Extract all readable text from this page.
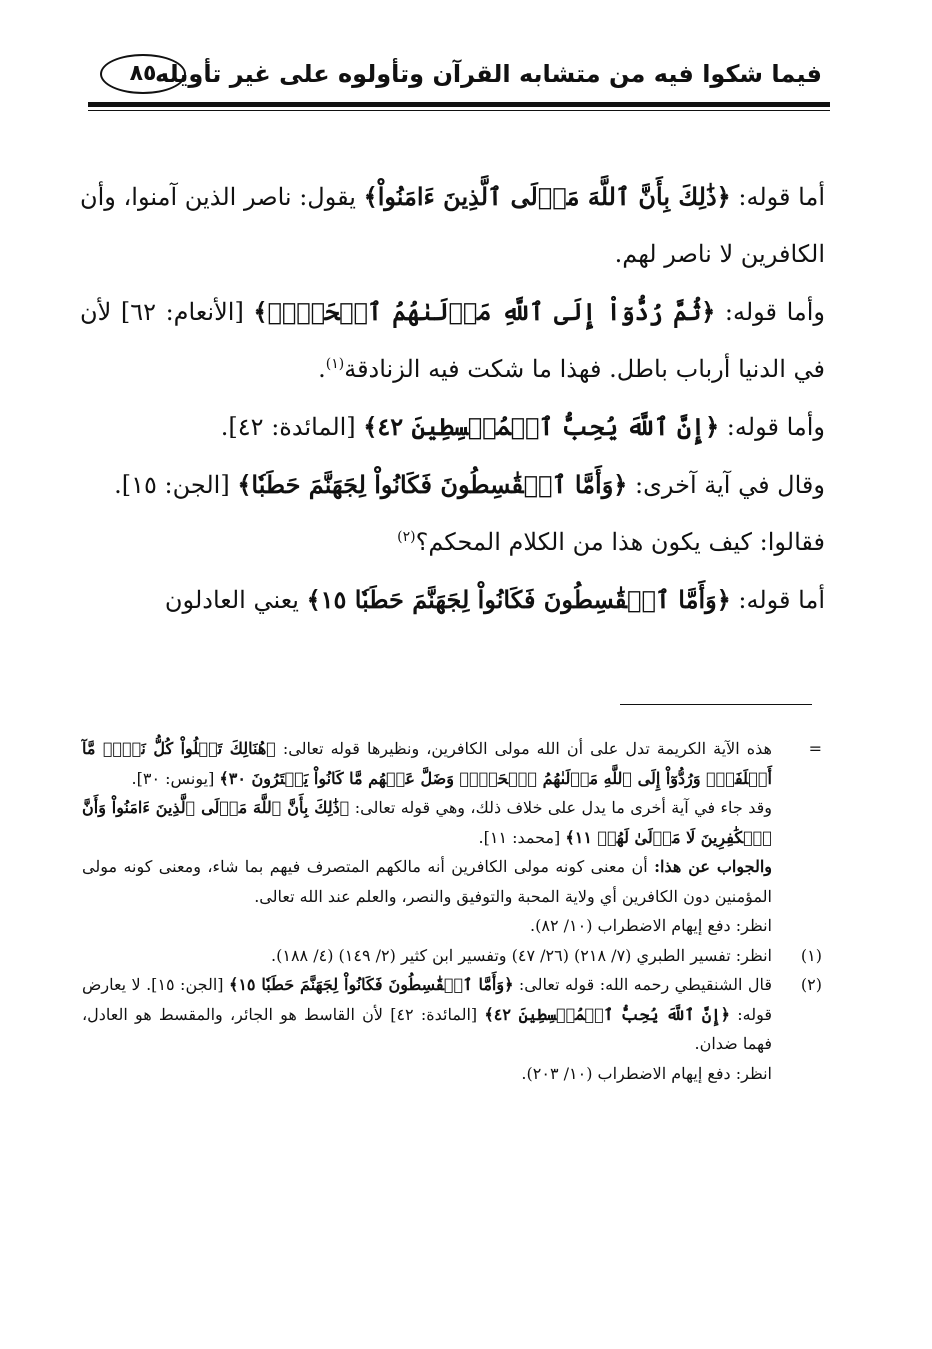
فيما شكوا فيه من متشابه القرآن وتأولوه على غير تأويله
٨٥

أما قوله: ﴿ذَٰلِكَ بِأَنَّ ٱللَّهَ مَوۡلَى ٱلَّذِينَ ءَامَنُواْ﴾ يقول: ناصر الذين آمنوا، وأن الكافرين لا ناصر لهم.

وأما قوله: ﴿ثُمَّ رُدُّوٓاْ إِلَى ٱللَّهِ مَوۡلَىٰهُمُ ٱلۡحَقِّۚ﴾ [الأنعام: ٦٢] لأن في الدنيا أرباب باطل. فهذا ما شكت فيه الزنادقة$^{(١)}$.

وأما قوله: ﴿إِنَّ ٱللَّهَ يُحِبُّ ٱلۡمُقۡسِطِينَ ٤٢﴾ [المائدة: ٤٢].

وقال في آية آخرى: ﴿وَأَمَّا ٱلۡقَٰسِطُونَ فَكَانُواْ لِجَهَنَّمَ حَطَبٗا﴾ [الجن: ١٥].

فقالوا: كيف يكون هذا من الكلام المحكم؟$^{(٢)}$

أما قوله: ﴿وَأَمَّا ٱلۡقَٰسِطُونَ فَكَانُواْ لِجَهَنَّمَ حَطَبٗا ١٥﴾ يعني العادلون

=
هذه الآية الكريمة تدل على أن الله مولى الكافرين، ونظيرها قوله تعالى: ﴿هُنَالِكَ تَبۡلُواْ كُلُّ نَفۡسٖ مَّآ أَسۡلَفَتۡۚ وَرُدُّوٓاْ إِلَى ٱللَّهِ مَوۡلَىٰهُمُ ٱلۡحَقِّۖ وَضَلَّ عَنۡهُم مَّا كَانُواْ يَفۡتَرُونَ ٣٠﴾ [يونس: ٣٠].

وقد جاء في آية أخرى ما يدل على خلاف ذلك، وهي قوله تعالى: ﴿ذَٰلِكَ بِأَنَّ ٱللَّهَ مَوۡلَى ٱلَّذِينَ ءَامَنُواْ وَأَنَّ ٱلۡكَٰفِرِينَ لَا مَوۡلَىٰ لَهُمۡ ١١﴾ [محمد: ١١].

والجواب عن هذا: أن معنى كونه مولى الكافرين أنه مالكهم المتصرف فيهم بما شاء، ومعنى كونه مولى المؤمنين دون الكافرين أي ولاية المحبة والتوفيق والنصر، والعلم عند الله تعالى.

انظر: دفع إيهام الاضطراب (١٠/ ٨٢).

(١)
انظر: تفسير الطبري (٧/ ٢١٨) (٢٦/ ٤٧) وتفسير ابن كثير (٢/ ١٤٩) (٤/ ١٨٨).

(٢)
قال الشنقيطي رحمه الله: قوله تعالى: ﴿وَأَمَّا ٱلۡقَٰسِطُونَ فَكَانُواْ لِجَهَنَّمَ حَطَبٗا ١٥﴾ [الجن: ١٥]. لا يعارض قوله: ﴿إِنَّ ٱللَّهَ يُحِبُّ ٱلۡمُقۡسِطِينَ ٤٢﴾ [المائدة: ٤٢] لأن القاسط هو الجائر، والمقسط هو العادل، فهما ضدان.

انظر: دفع إيهام الاضطراب (١٠/ ٢٠٣).
